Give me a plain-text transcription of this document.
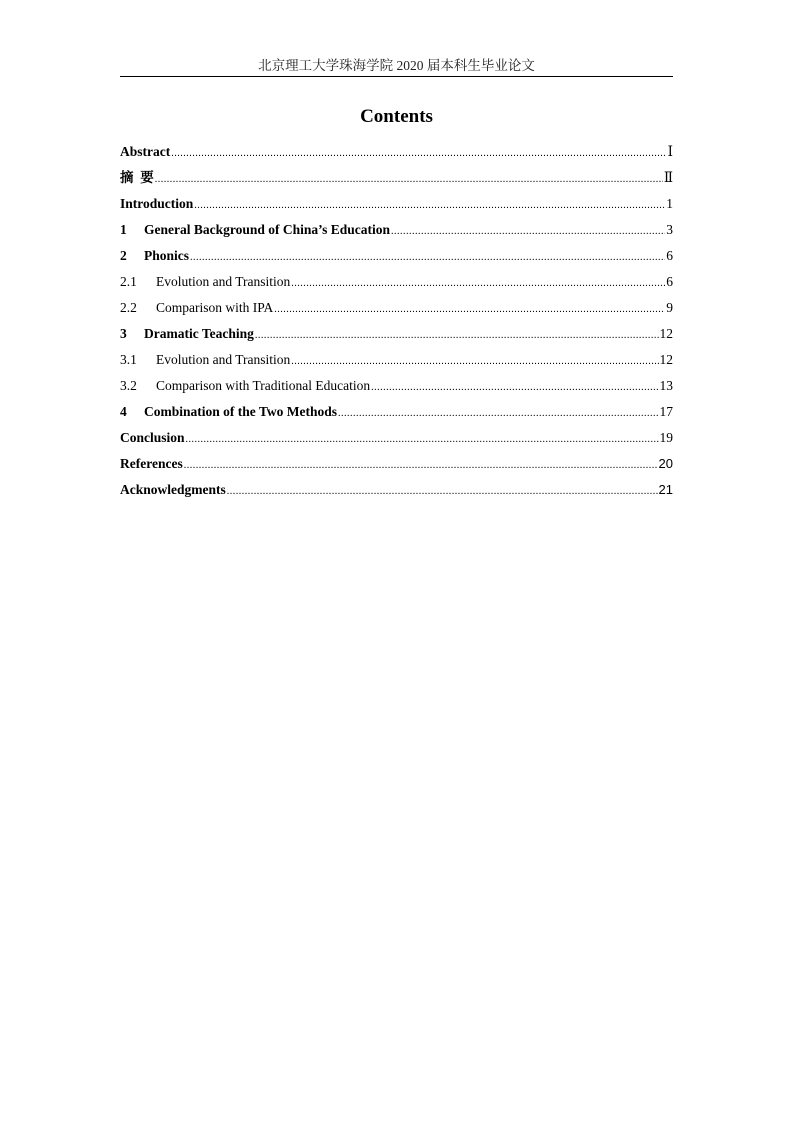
北京理工大学珠海学院 2020 届本科生毕业论文
Contents
Abstract .....	Ⅰ
摘  要 .....	Ⅱ
Introduction .....	1
1	General Background of China’s Education .....	3
2	Phonics .....	6
2.1	Evolution and Transition .....	6
2.2	Comparison with IPA .....	9
3	Dramatic Teaching .....	12
3.1	Evolution and Transition .....	12
3.2	Comparison with Traditional Education .....	13
4	Combination of the Two Methods .....	17
Conclusion .....	19
References .....	20
Acknowledgments .....	21
